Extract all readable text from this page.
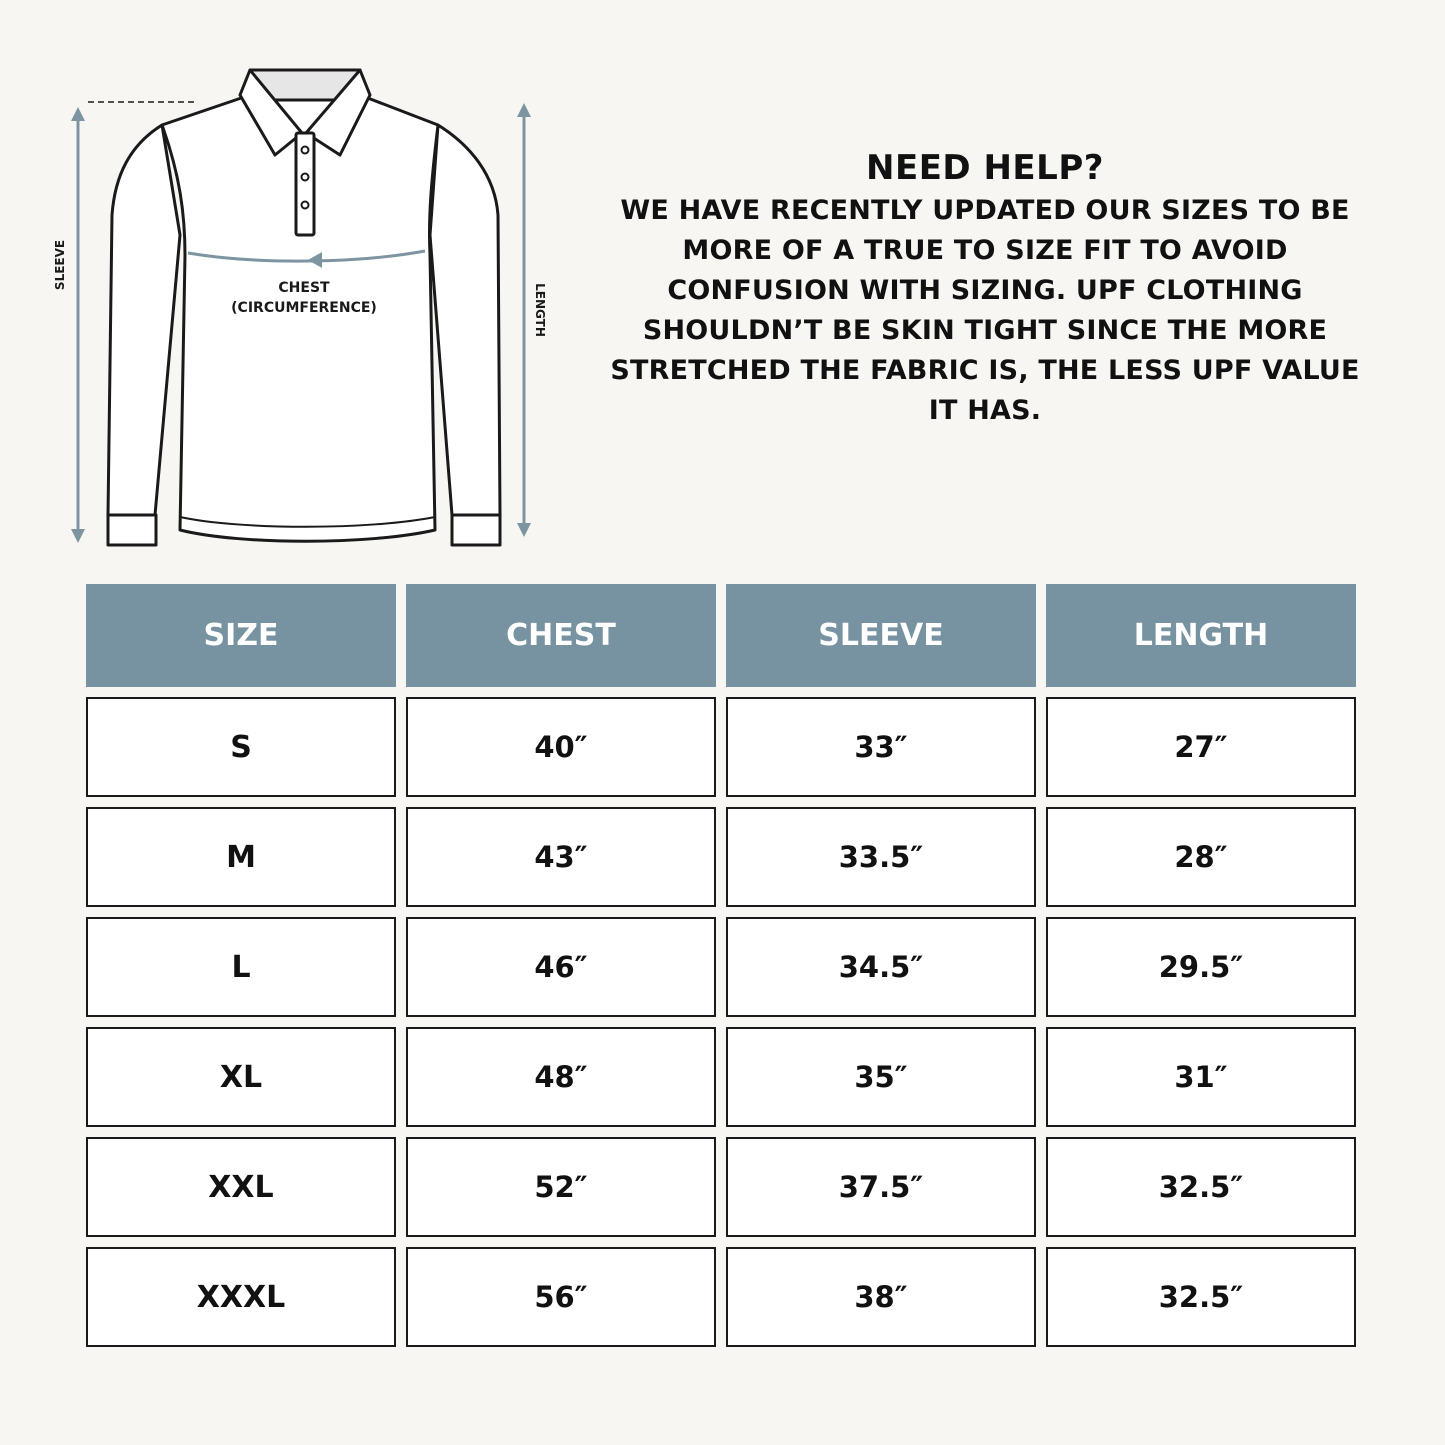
CHEST
(CIRCUMFERENCE)
SLEEVE
LENGTH
NEED HELP?
WE HAVE RECENTLY UPDATED OUR SIZES TO BE MORE OF A TRUE TO SIZE FIT TO AVOID CONFUSION WITH SIZING. UPF CLOTHING SHOULDN’T BE SKIN TIGHT SINCE THE MORE STRETCHED THE FABRIC IS, THE LESS UPF VALUE IT HAS.
SIZE	CHEST	SLEEVE	LENGTH
S	40″	33″	27″
M	43″	33.5″	28″
L	46″	34.5″	29.5″
XL	48″	35″	31″
XXL	52″	37.5″	32.5″
XXXL	56″	38″	32.5″
